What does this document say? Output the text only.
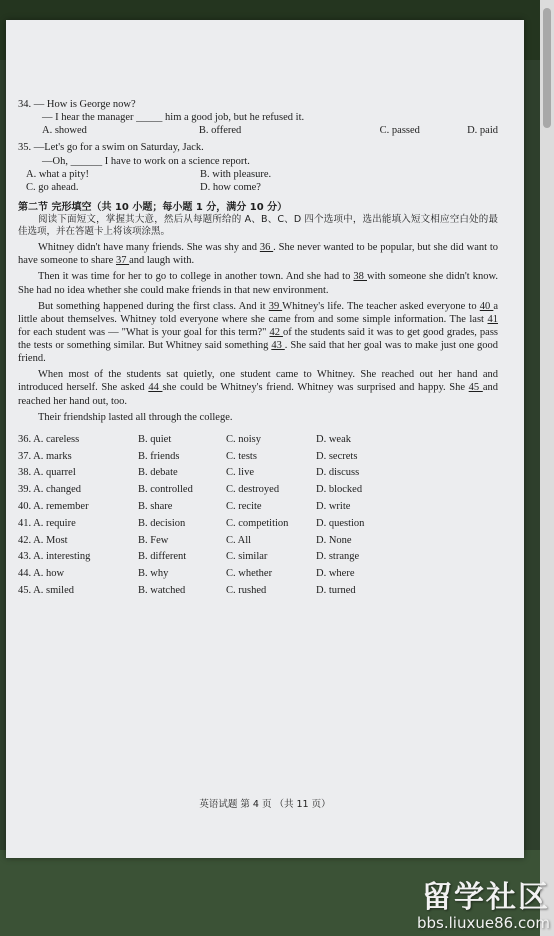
34. — How is George now?
— I hear the manager _____ him a good job, but he refused it.
A. showed	B. offered	C. passed	D. paid
35. —Let's go for a swim on Saturday, Jack.
—Oh, ______ I have to work on a science report.
A. what a pity!	B. with pleasure.
C. go ahead.	D. how come?
第二节 完形填空（共 10 小题；每小题 1 分，满分 10 分）
阅读下面短文，掌握其大意，然后从每题所给的 A、B、C、D 四个选项中，选出能填入短文相应空白处的最佳选项，并在答题卡上将该项涂黑。
Whitney didn't have many friends. She was shy and 36 . She never wanted to be popular, but she did want to have someone to share 37 and laugh with.
Then it was time for her to go to college in another town. And she had to 38 with someone she didn't know. She had no idea whether she could make friends in that new environment.
But something happened during the first class. And it 39 Whitney's life. The teacher asked everyone to 40 a little about themselves. Whitney told everyone where she came from and some simple information. The last 41 for each student was — "What is your goal for this term?" 42 of the students said it was to get good grades, pass the tests or something similar. But Whitney said something 43 . She said that her goal was to make just one good friend.
When most of the students sat quietly, one student came to Whitney. She reached out her hand and introduced herself. She asked 44 she could be Whitney's friend. Whitney was surprised and happy. She 45 and reached her hand out, too.
Their friendship lasted all through the college.
36. A. careless	B. quiet	C. noisy	D. weak
37. A. marks	B. friends	C. tests	D. secrets
38. A. quarrel	B. debate	C. live	D. discuss
39. A. changed	B. controlled	C. destroyed	D. blocked
40. A. remember	B. share	C. recite	D. write
41. A. require	B. decision	C. competition	D. question
42. A. Most	B. Few	C. All	D. None
43. A. interesting	B. different	C. similar	D. strange
44. A. how	B. why	C. whether	D. where
45. A. smiled	B. watched	C. rushed	D. turned
英语试题 第 4 页 （共 11 页）
留学社区
bbs.liuxue86.com
